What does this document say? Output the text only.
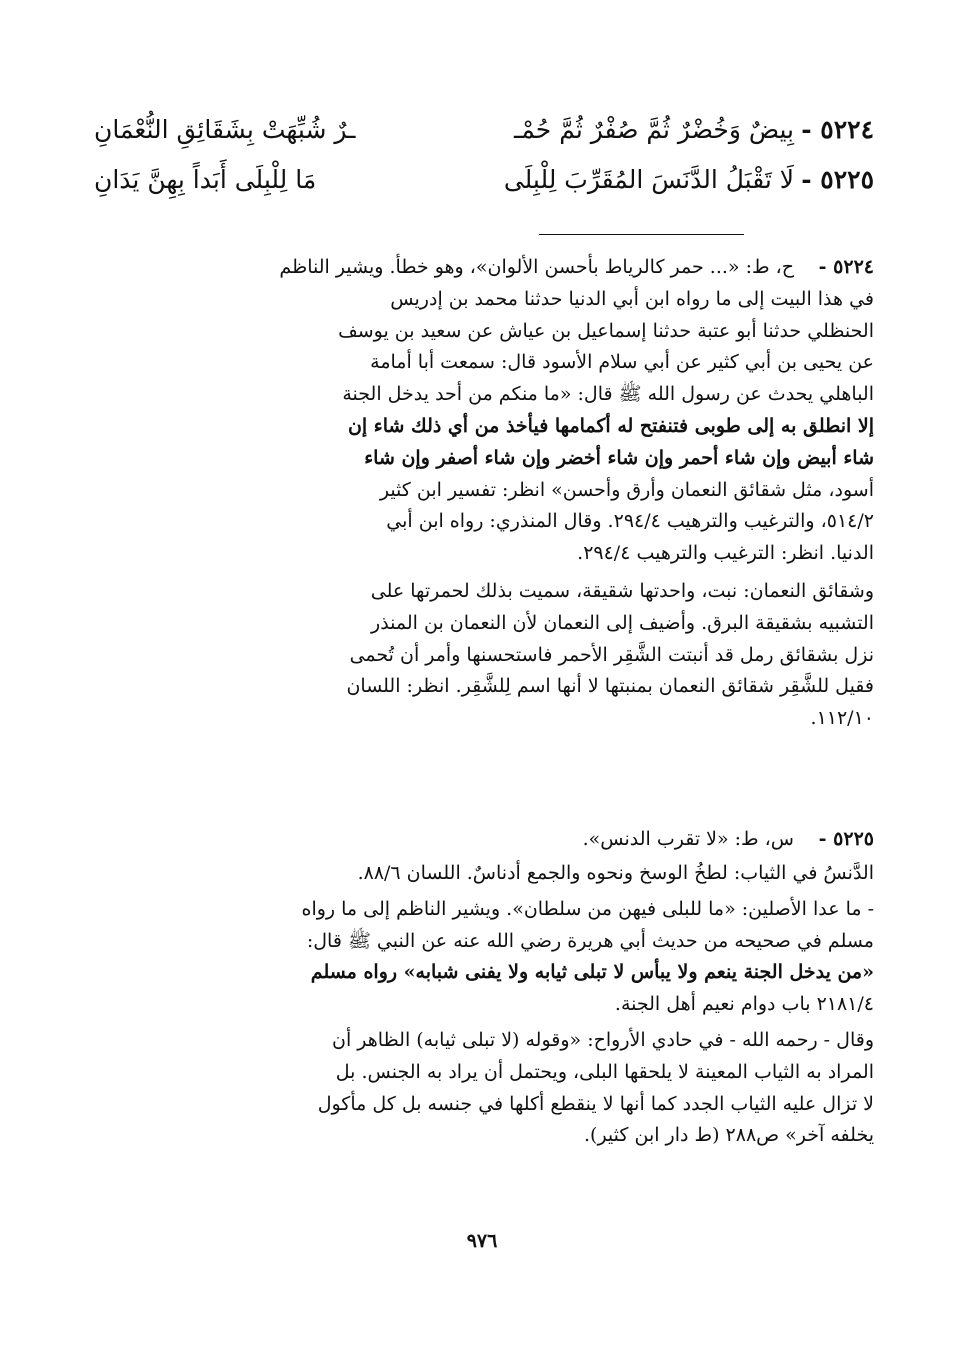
٥٢٢٤ -
بِيضٌ وَخُضْرٌ ثُمَّ صُفْرٌ ثُمَّ حُمْـ
ـرٌ شُبِّهَتْ بِشَقَائِقِ النُّعْمَانِ
٥٢٢٥ -
لَا تَقْبَلُ الدَّنَسَ المُقَرِّبَ لِلْبِلَى
مَا لِلْبِلَى أَبَداً بِهِنَّ يَدَانِ
٥٢٢٤ -
ح، ط: «... حمر كالرياط بأحسن الألوان»، وهو خطأ. ويشير الناظم
في هذا البيت إلى ما رواه ابن أبي الدنيا حدثنا محمد بن إدريس
الحنظلي حدثنا أبو عتبة حدثنا إسماعيل بن عياش عن سعيد بن يوسف
عن يحيى بن أبي كثير عن أبي سلام الأسود قال: سمعت أبا أمامة
الباهلي يحدث عن رسول الله ﷺ قال: «ما منكم من أحد يدخل الجنة
إلا انطلق به إلى طوبى فتنفتح له أكمامها فيأخذ من أي ذلك شاء إن
شاء أبيض وإن شاء أحمر وإن شاء أخضر وإن شاء أصفر وإن شاء
أسود، مثل شقائق النعمان وأرق وأحسن» انظر: تفسير ابن كثير
٥١٤/٢، والترغيب والترهيب ٢٩٤/٤. وقال المنذري: رواه ابن أبي
الدنيا. انظر: الترغيب والترهيب ٢٩٤/٤.
وشقائق النعمان: نبت، واحدتها شقيقة، سميت بذلك لحمرتها على
التشبيه بشقيقة البرق. وأضيف إلى النعمان لأن النعمان بن المنذر
نزل بشقائق رمل قد أنبتت الشَّقِر الأحمر فاستحسنها وأمر أن تُحمى
فقيل للشَّقِر شقائق النعمان بمنبتها لا أنها اسم لِلشَّقِر. انظر: اللسان
١١٢/١٠.
٥٢٢٥ -
س، ط: «لا تقرب الدنس».
الدَّنسُ في الثياب: لطخُ الوسخ ونحوه والجمع أدناسٌ. اللسان ٨٨/٦.
- ما عدا الأصلين: «ما للبلى فيهن من سلطان». ويشير الناظم إلى ما رواه
مسلم في صحيحه من حديث أبي هريرة رضي الله عنه عن النبي ﷺ قال:
«من يدخل الجنة ينعم ولا يبأس لا تبلى ثيابه ولا يفنى شبابه» رواه مسلم
٢١٨١/٤ باب دوام نعيم أهل الجنة.
وقال - رحمه الله - في حادي الأرواح: «وقوله (لا تبلى ثيابه) الظاهر أن
المراد به الثياب المعينة لا يلحقها البلى، ويحتمل أن يراد به الجنس. بل
لا تزال عليه الثياب الجدد كما أنها لا ينقطع أكلها في جنسه بل كل مأكول
يخلفه آخر» ص٢٨٨ (ط دار ابن كثير).
٩٧٦
